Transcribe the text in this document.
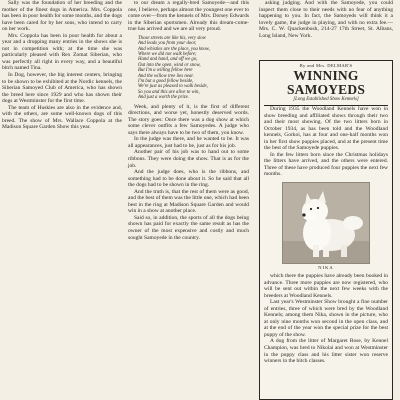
Sally was the foundation of her breeding and the mother of the finest dogs in America. Mrs. Coppola has been in poor health for some months, and the dogs have been cared for by her sons, who intend to carry on her work.

Mrs. Coppola has been in poor health for about a year and a dropping many entries in the shows she is not in competition with; at the time she was particularly pleased with Rex Zomat Siberian, who was perfectly all right in every way, and a beautiful bitch named Tina.

In Dog, however, the big interest centers, bringing to be shown to be exhibited at the Nordic kennels, the Siberian Samoyed Club of America, who has shown the breed here since 1929 and who has shown their dogs at Westminster for the first time.

The team of Huskies are also in the evidence and, with the others, are some well-known dogs of this breed. The show of Mrs. Wallace Coppola at the Madison Square Garden Show this year.

to our dream a regally-bred Samoyede—and this one, I believe, perhaps almost the youngest one ever to come over—from the kennels of Mrs. Dorsey Edwards in the Siberian sportsmen. Already this dream-come-true has arrived and we are all very proud.

Those streets are like his, very slow
And leads you from your door,
And whistles are the place, you know,
Where we did not walk before;
Hand and hand, and off we go,
Out into the open, wind or snow,
But I'm a willing fellow here
And the willow tree lies near.
I'm but a good fellow beside,
We're just as pleased to walk beside,
So you and this are alive to win,
And just a worth the prize.

Week, and plenty of it, is the first of different directions, and worse yet, honestly deserved words. The story goes: Once there was a dog show at which some clever outfits a few Samoyedes. A judge who says there always have to be two of them, you know.

In the judge was there, and he wanted to be. It was all appearances, just had to be, just as for his job.

Another pair of his job was to hand out to some ribbons. They were doing the show. That is as for the job.

And the judge does, who is the ribbons, and something had to be done about it. So he said that all the dogs had to be shown in the ring.

And the truth is, that the rest of them were as good, and the best of them was the little one, which had been best in the ring at Madison Square Garden and would win in a show at another place.

Said so, in addition, the sports of all the dogs being shown has paid for exactly the same result as has the owner of the most expensive and costly and much sought Samoyede in the country.

asking judging. And with the Samoyede, you could inspect them close to their needs with no fear of anything happening to you. In fact, the Samoyeds will think it a lovely game, the judge in playing, and with no extra fee.—Mrs. C. W. Quackenbush, 214-27 17th Street, St. Albans, Long Island, New York.

By and Mrs. DELMAR'S
WINNING SAMOYEDS
[Long Established Show Kennels]

During 1935 the Woodland Kennels have won in show breeding and affiliated shows through their two and their most showing. Of the two litters born in October 1934, as has been told and the Woodland kennels, Gorkoi, has at four and one-half months won in her first show puppies placed, and at the present time the best of the Samoyede puppies.

In the few litters born since the Christmas holidays the litters have arrived, and the others were entered. Three of these have produced four puppies the next few months.

NIKA

which there the puppies have already been booked in advance. Three more puppies are now registered, who will be sent out within the next few weeks with the breeders at Woodland Kennels.

Last year's Westminster Show brought a fine number of entries, three of which were bred by the Woodland Kennels; among them Nika, shown in the picture, who at only nine months won second in the open class, and at the end of the year won the special prize for the best puppy of the show.

A dog from the litter of Margaret Rose, by Kennel Champion, was bred to Nikolai and won at Westminster in the puppy class and his litter sister won reserve winners in the bitch classes.
